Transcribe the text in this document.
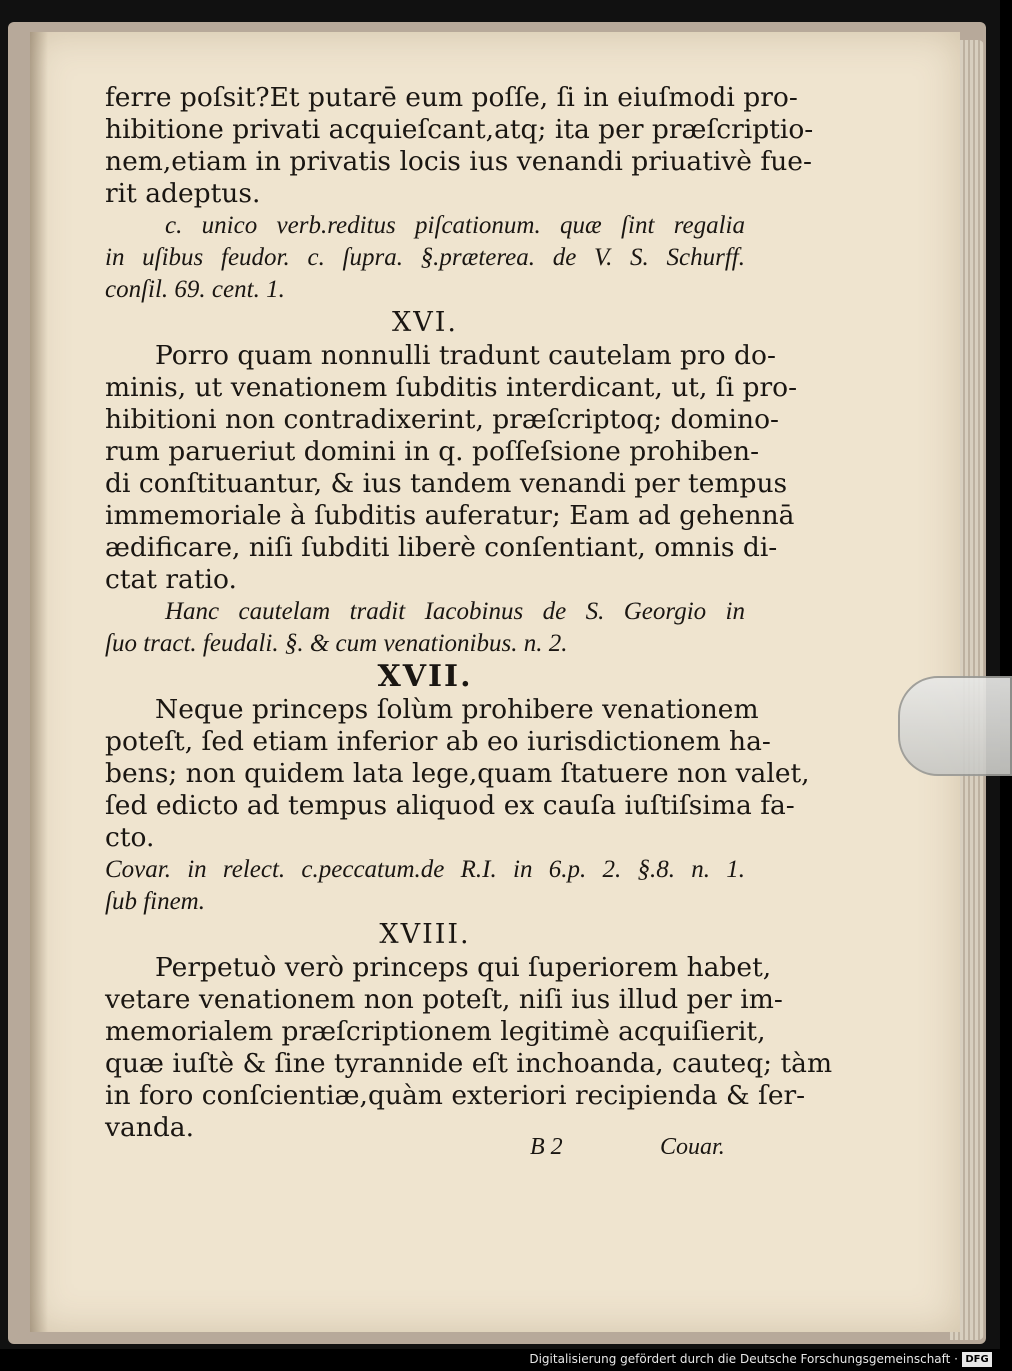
ferre poſsit?Et putarē eum poſſe, ſi in eiuſmodi pro-
hibitione privati acquieſcant,atq; ita per præſcriptio-
nem,etiam in privatis locis ius venandi priuativè fue-
rit adeptus.
c. unico verb.reditus piſcationum. quæ ſint regalia
in uſibus feudor. c. ſupra. §.præterea. de V. S. Schurff.
conſil. 69. cent. 1.
XVI.
Porro quam nonnulli tradunt cautelam pro do-
minis, ut venationem ſubditis interdicant, ut, ſi pro-
hibitioni non contradixerint, præſcriptoq; domino-
rum parueriut domini in q. poſſeſsione prohiben-
di conſtituantur, & ius tandem venandi per tempus
immemoriale à ſubditis auferatur; Eam ad gehennā
ædificare, niſi ſubditi liberè conſentiant, omnis di-
ctat ratio.
Hanc cautelam tradit Iacobinus de S. Georgio in
ſuo tract. feudali. §. & cum venationibus. n. 2.
XVII.
Neque princeps ſolùm prohibere venationem
poteſt, ſed etiam inferior ab eo iurisdictionem ha-
bens; non quidem lata lege,quam ſtatuere non valet,
ſed edicto ad tempus aliquod ex cauſa iuſtiſsima fa-
cto.
Covar. in relect. c.peccatum.de R.I. in 6.p. 2. §.8. n. 1.
ſub finem.
XVIII.
Perpetuò verò princeps qui ſuperiorem habet,
vetare venationem non poteſt, niſi ius illud per im-
memorialem præſcriptionem legitimè acquiſierit,
quæ iuſtè & ſine tyrannide eſt inchoanda, cauteq; tàm
in foro conſcientiæ,quàm exteriori recipienda & ſer-
vanda.
B 2	Couar.
Digitalisierung gefördert durch die Deutsche Forschungsgemeinschaft · DFG
